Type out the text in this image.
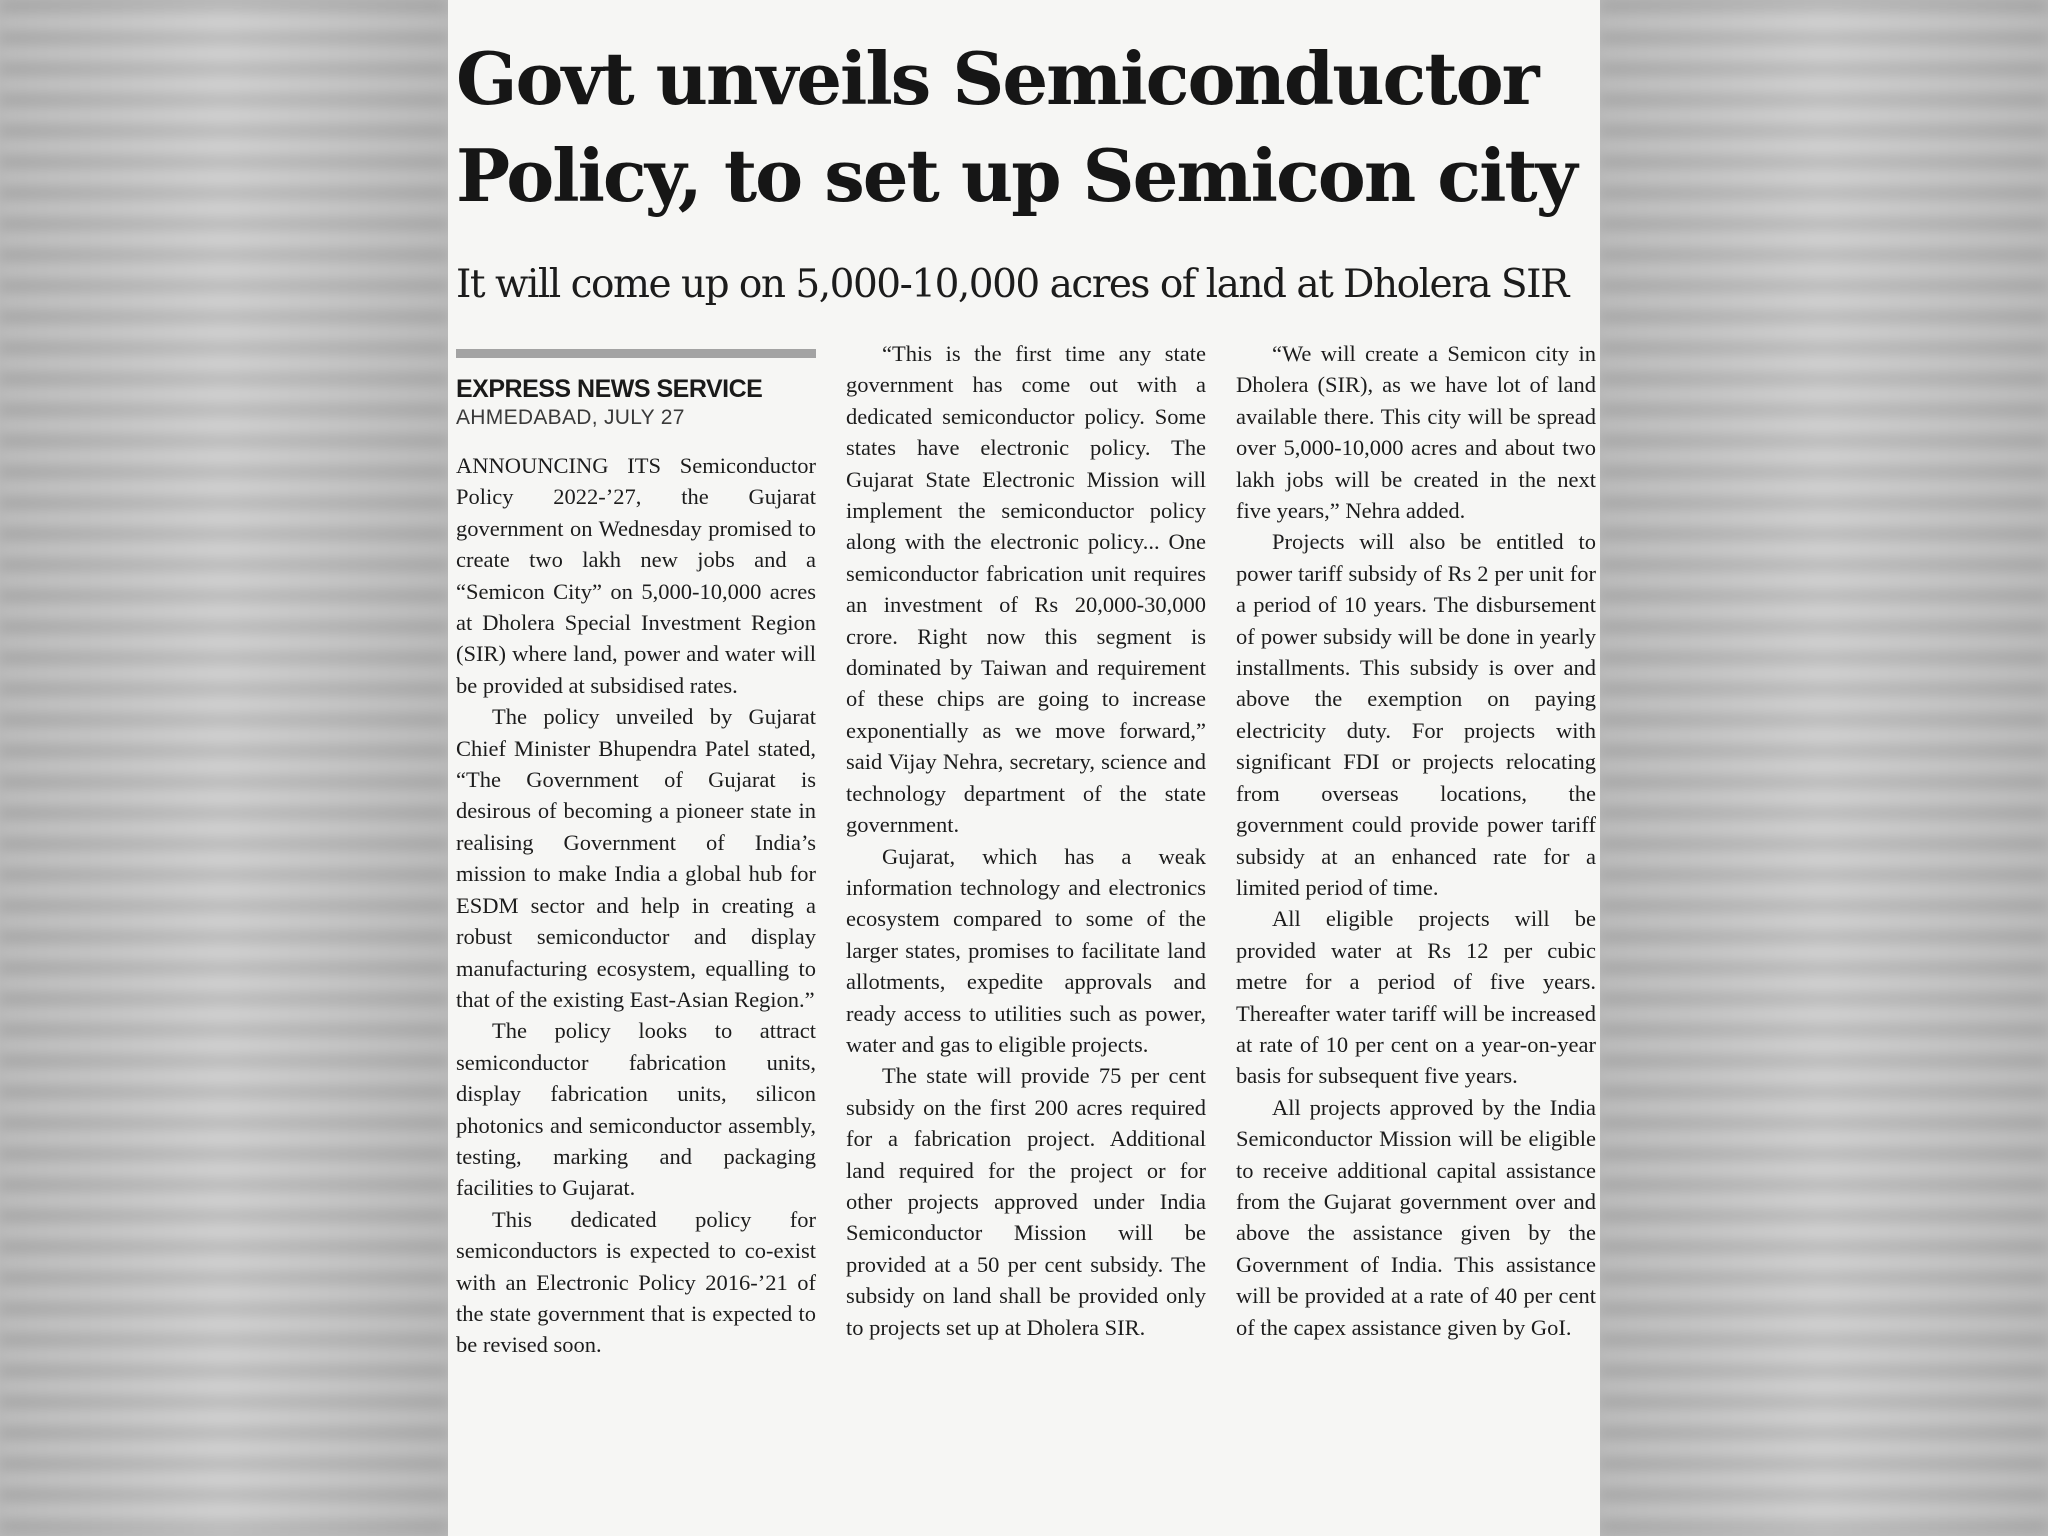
Govt unveils Semiconductor Policy, to set up Semicon city
It will come up on 5,000-10,000 acres of land at Dholera SIR
EXPRESS NEWS SERVICE
AHMEDABAD, JULY 27

ANNOUNCING ITS Semiconductor Policy 2022-’27, the Gujarat government on Wednesday promised to create two lakh new jobs and a “Semicon City” on 5,000-10,000 acres at Dholera Special Investment Region (SIR) where land, power and water will be provided at subsidised rates.

The policy unveiled by Gujarat Chief Minister Bhupendra Patel stated, “The Government of Gujarat is desirous of becoming a pioneer state in realising Government of India’s mission to make India a global hub for ESDM sector and help in creating a robust semiconductor and display manufacturing ecosystem, equalling to that of the existing East-Asian Region.”

The policy looks to attract semiconductor fabrication units, display fabrication units, silicon photonics and semiconductor assembly, testing, marking and packaging facilities to Gujarat.

This dedicated policy for semiconductors is expected to co-exist with an Electronic Policy 2016-’21 of the state government that is expected to be revised soon.

“This is the first time any state government has come out with a dedicated semiconductor policy. Some states have electronic policy. The Gujarat State Electronic Mission will implement the semiconductor policy along with the electronic policy... One semiconductor fabrication unit requires an investment of Rs 20,000-30,000 crore. Right now this segment is dominated by Taiwan and requirement of these chips are going to increase exponentially as we move forward,” said Vijay Nehra, secretary, science and technology department of the state government.

Gujarat, which has a weak information technology and electronics ecosystem compared to some of the larger states, promises to facilitate land allotments, expedite approvals and ready access to utilities such as power, water and gas to eligible projects.

The state will provide 75 per cent subsidy on the first 200 acres required for a fabrication project. Additional land required for the project or for other projects approved under India Semiconductor Mission will be provided at a 50 per cent subsidy. The subsidy on land shall be provided only to projects set up at Dholera SIR.

“We will create a Semicon city in Dholera (SIR), as we have lot of land available there. This city will be spread over 5,000-10,000 acres and about two lakh jobs will be created in the next five years,” Nehra added.

Projects will also be entitled to power tariff subsidy of Rs 2 per unit for a period of 10 years. The disbursement of power subsidy will be done in yearly installments. This subsidy is over and above the exemption on paying electricity duty. For projects with significant FDI or projects relocating from overseas locations, the government could provide power tariff subsidy at an enhanced rate for a limited period of time.

All eligible projects will be provided water at Rs 12 per cubic metre for a period of five years. Thereafter water tariff will be increased at rate of 10 per cent on a year-on-year basis for subsequent five years.

All projects approved by the India Semiconductor Mission will be eligible to receive additional capital assistance from the Gujarat government over and above the assistance given by the Government of India. This assistance will be provided at a rate of 40 per cent of the capex assistance given by GoI.
